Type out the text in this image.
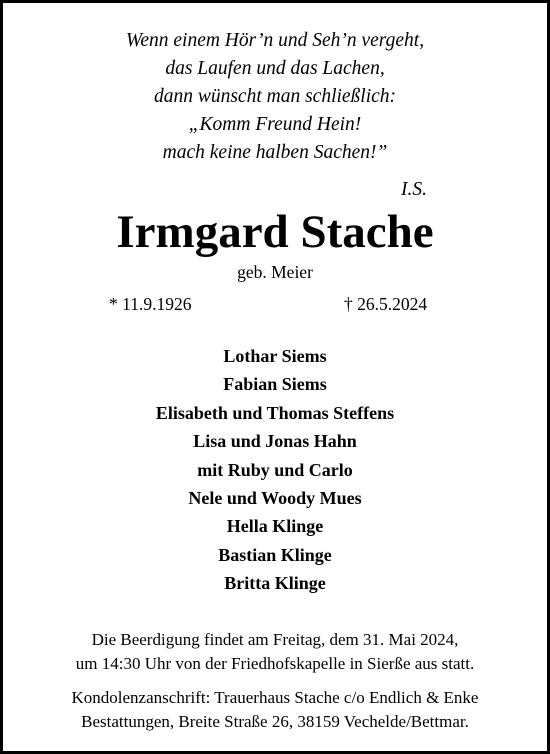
Wenn einem Hör’n und Seh’n vergeht,
das Laufen und das Lachen,
dann wünscht man schließlich:
„Komm Freund Hein!
mach keine halben Sachen!”
I.S.
Irmgard Stache
geb. Meier
* 11.9.1926	† 26.5.2024
Lothar Siems
Fabian Siems
Elisabeth und Thomas Steffens
Lisa und Jonas Hahn
mit Ruby und Carlo
Nele und Woody Mues
Hella Klinge
Bastian Klinge
Britta Klinge
Die Beerdigung findet am Freitag, dem 31. Mai 2024,
um 14:30 Uhr von der Friedhofskapelle in Sierße aus statt.
Kondolenzanschrift: Trauerhaus Stache c/o Endlich & Enke
Bestattungen, Breite Straße 26, 38159 Vechelde/Bettmar.
